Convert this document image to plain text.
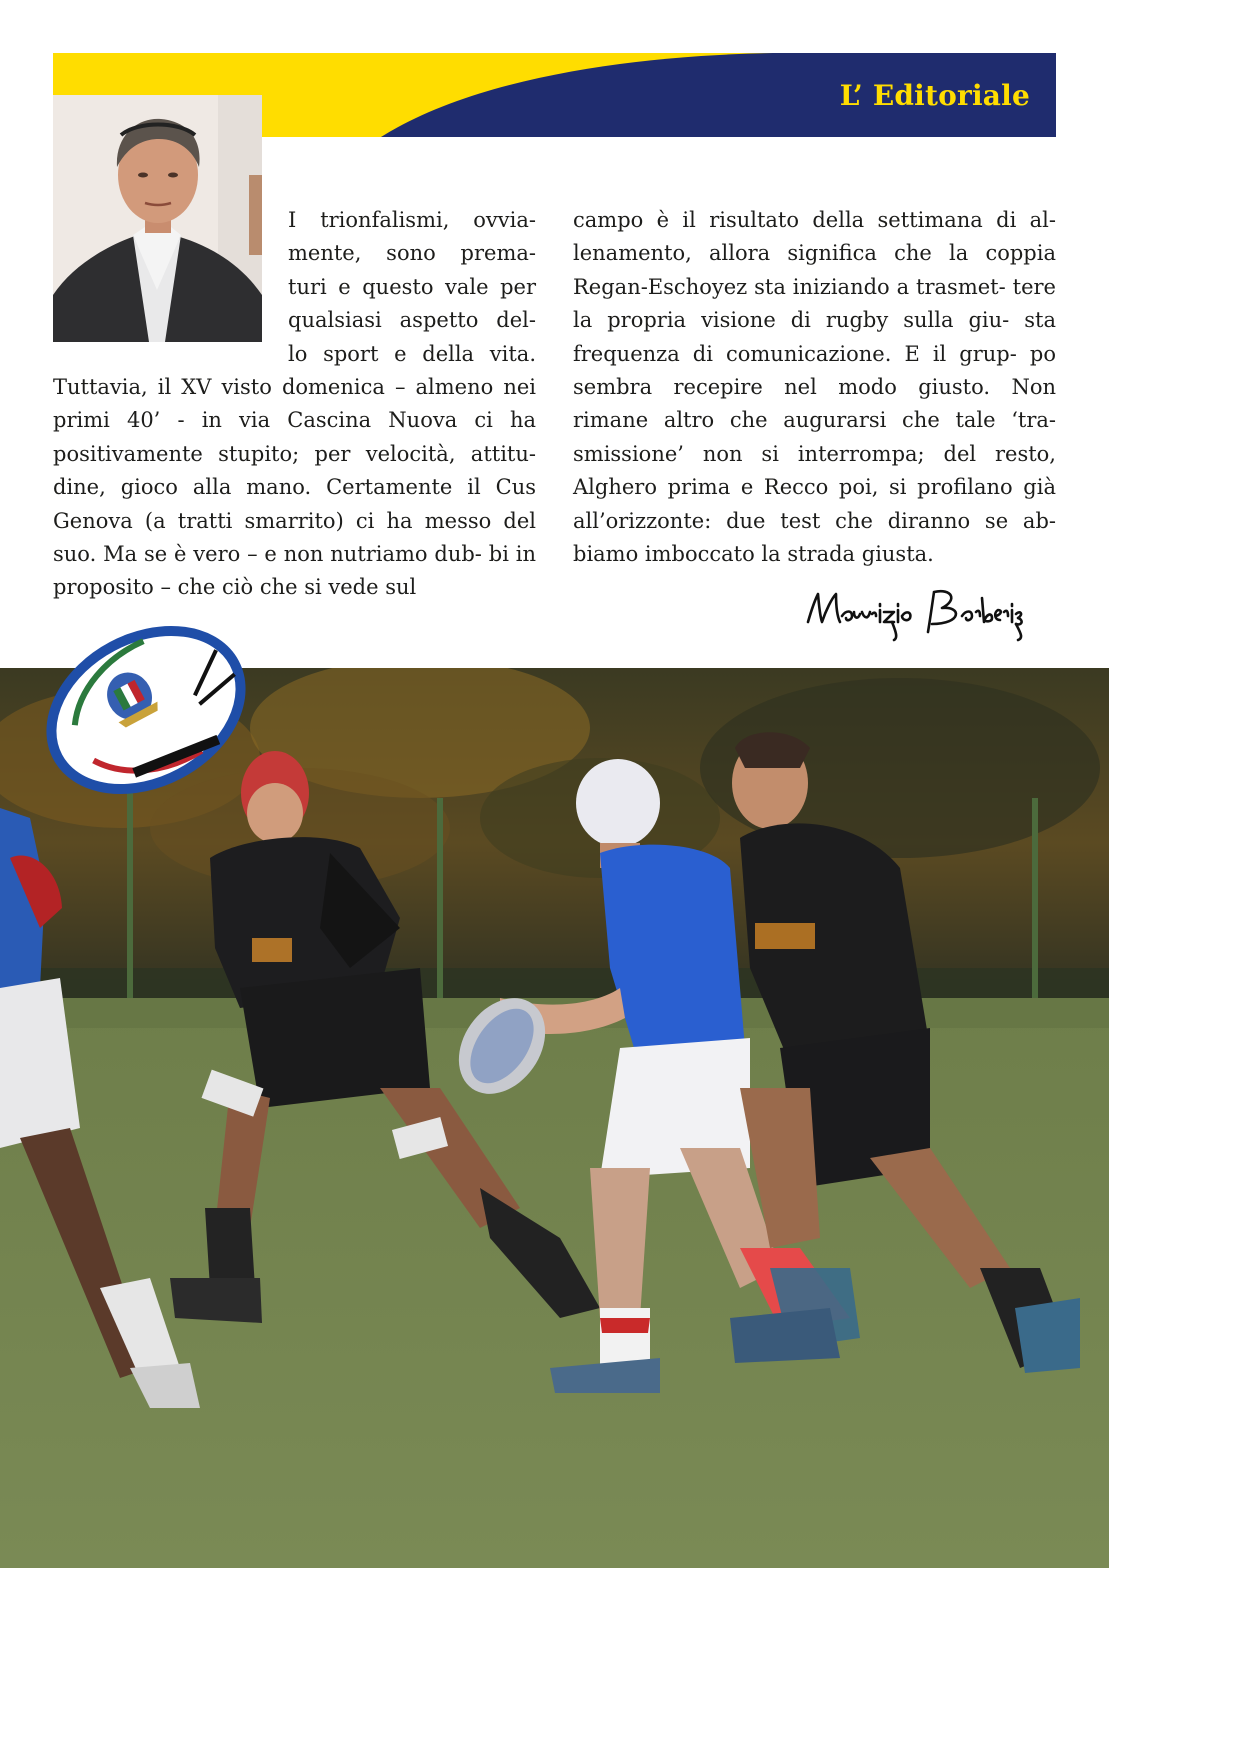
L’ Editoriale
I trionfalismi, ovvia- mente, sono prema- turi e questo vale per qualsiasi aspetto del- lo sport e della vita. Tuttavia, il XV visto domenica – almeno nei primi 40’ - in via Cascina Nuova ci ha positivamente stupito; per velocità, attitu- dine, gioco alla mano. Certamente il Cus Genova (a tratti smarrito) ci ha messo del suo. Ma se è vero – e non nutriamo dub- bi in proposito – che ciò che si vede sul
campo è il risultato della settimana di al- lenamento, allora significa che la coppia Regan-Eschoyez sta iniziando a trasmet- tere la propria visione di rugby sulla giu- sta frequenza di comunicazione. E il grup- po sembra recepire nel modo giusto. Non rimane altro che augurarsi che tale ‘tra- smissione’ non si interrompa; del resto, Alghero prima e Recco poi, si profilano già all’orizzonte: due test che diranno se ab- biamo imboccato la strada giusta.
